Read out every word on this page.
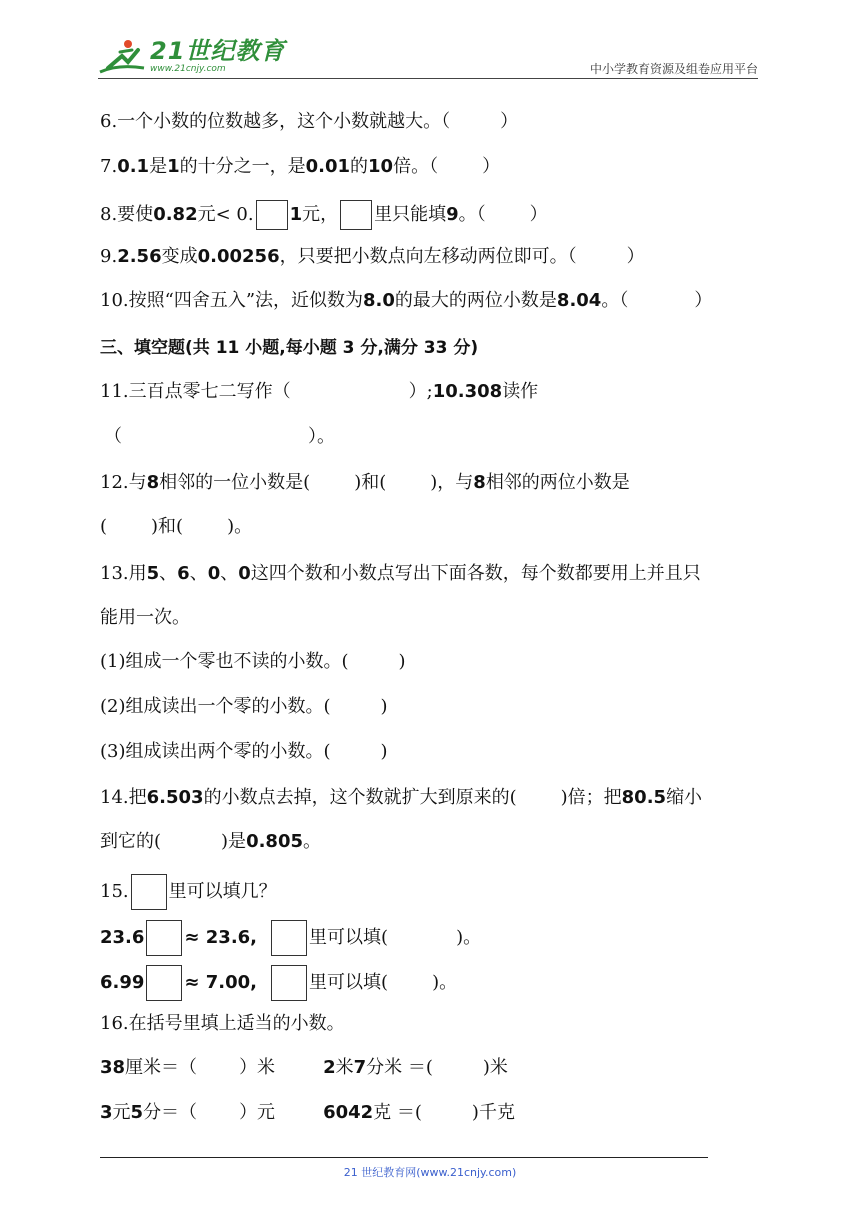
21世纪教育
www.21cnjy.com	中小学教育资源及组卷应用平台
6.一个小数的位数越多，这个小数就越大。（	）
7.0.1是1的十分之一，是0.01的10倍。（ ）
8.要使0.82元< 0. 1元， 里只能填9。（ ）
9.2.56变成0.00256，只要把小数点向左移动两位即可。（	）
10.按照“四舍五入”法，近似数为8.0的最大的两位小数是8.04。（	）
三、填空题(共 11 小题,每小题 3 分,满分 33 分)
11.三百点零七二写作（	）;10.308读作
（	）。
12.与8相邻的一位小数是( )和( )，与8相邻的两位小数是
( )和( )。
13.用5、6、0、0这四个数和小数点写出下面各数，每个数都要用上并且只
能用一次。
(1)组成一个零也不读的小数。(	)
(2)组成读出一个零的小数。(	)
(3)组成读出两个零的小数。(	)
14.把6.503的小数点去掉，这个数就扩大到原来的( )倍；把80.5缩小
到它的(	)是0.805。
15. 里可以填几？
23.6 ≈ 23.6,	里可以填(	)。
6.99 ≈ 7.00,	里可以填( )。
16.在括号里填上适当的小数。
38厘米＝（ ）米	2米7分米 ＝(	)米
3元5分＝（ ）元	6042克 ＝(	)千克
21 世纪教育网(www.21cnjy.com)
